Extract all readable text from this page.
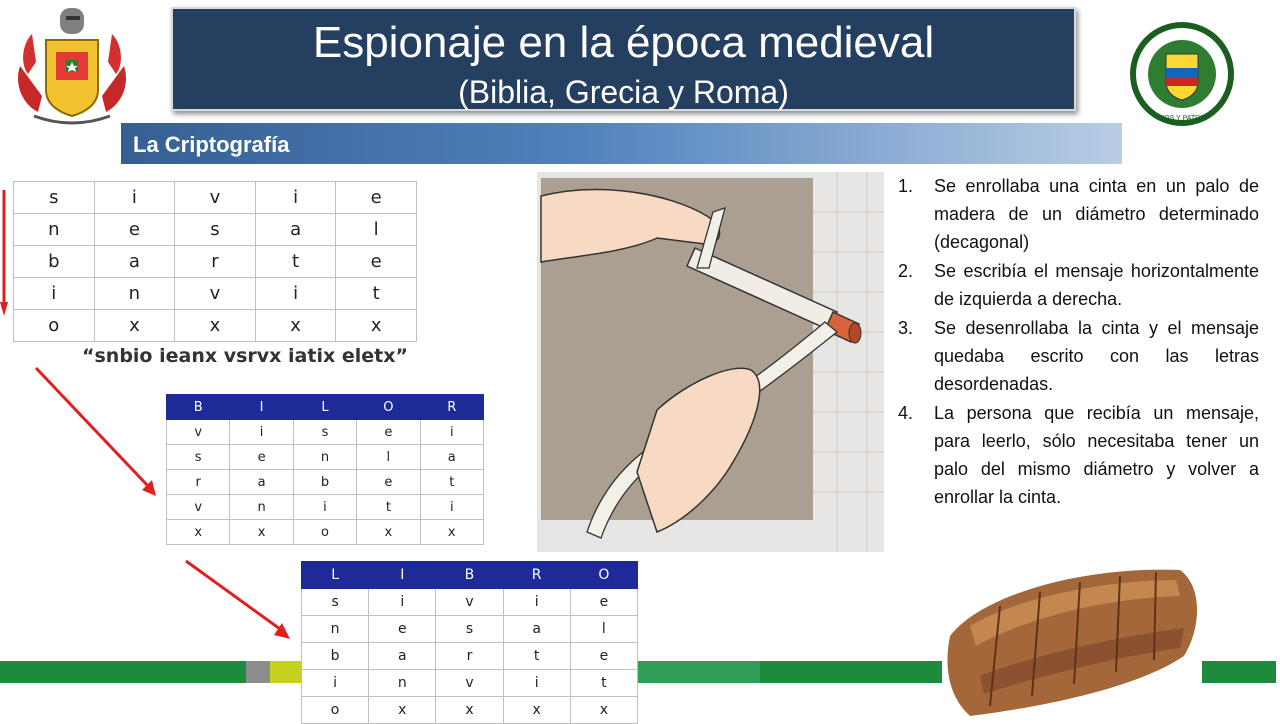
DIOS Y PATRIA
Espionaje en la época medieval
(Biblia, Grecia y Roma)
La Criptografía
s	i	v	i	e
n	e	s	a	l
b	a	r	t	e
i	n	v	i	t
o	x	x	x	x
“snbio ieanx vsrvx iatix eletx”
B	I	L	O	R
v	i	s	e	i
s	e	n	l	a
r	a	b	e	t
v	n	i	t	i
x	x	o	x	x
L	I	B	R	O
s	i	v	i	e
n	e	s	a	l
b	a	r	t	e
i	n	v	i	t
o	x	x	x	x
1. Se enrollaba una cinta en un palo de madera de un diámetro determinado (decagonal)
2. Se escribía el mensaje horizontalmente de izquierda a derecha.
3. Se desenrollaba la cinta y el mensaje quedaba escrito con las letras desordenadas.
4. La persona que recibía un mensaje, para leerlo, sólo necesitaba tener un palo del mismo diámetro y volver a enrollar la cinta.
